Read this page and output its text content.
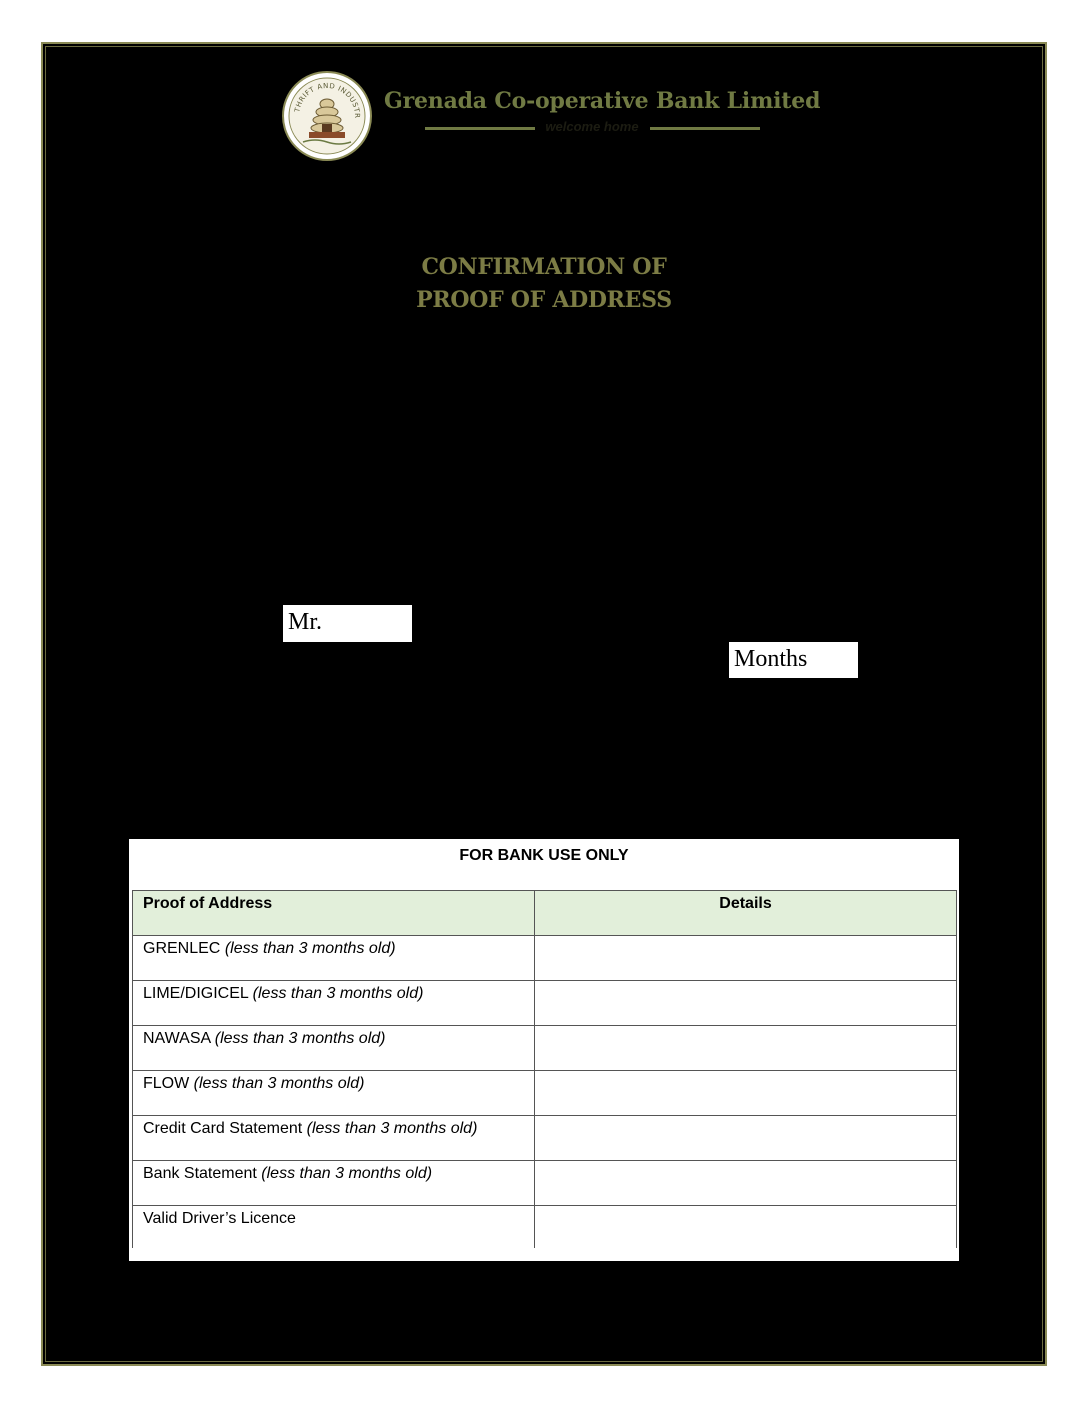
THRIFT AND INDUSTR
Grenada Co-operative Bank Limited
welcome home
CONFIRMATION OF
PROOF OF ADDRESS
Mr.
Months
FOR BANK USE ONLY
Proof of Address	Details
GRENLEC (less than 3 months old)	
LIME/DIGICEL (less than 3 months old)	
NAWASA (less than 3 months old)	
FLOW (less than 3 months old)	
Credit Card Statement (less than 3 months old)	
Bank Statement (less than 3 months old)	
Valid Driver’s Licence	
